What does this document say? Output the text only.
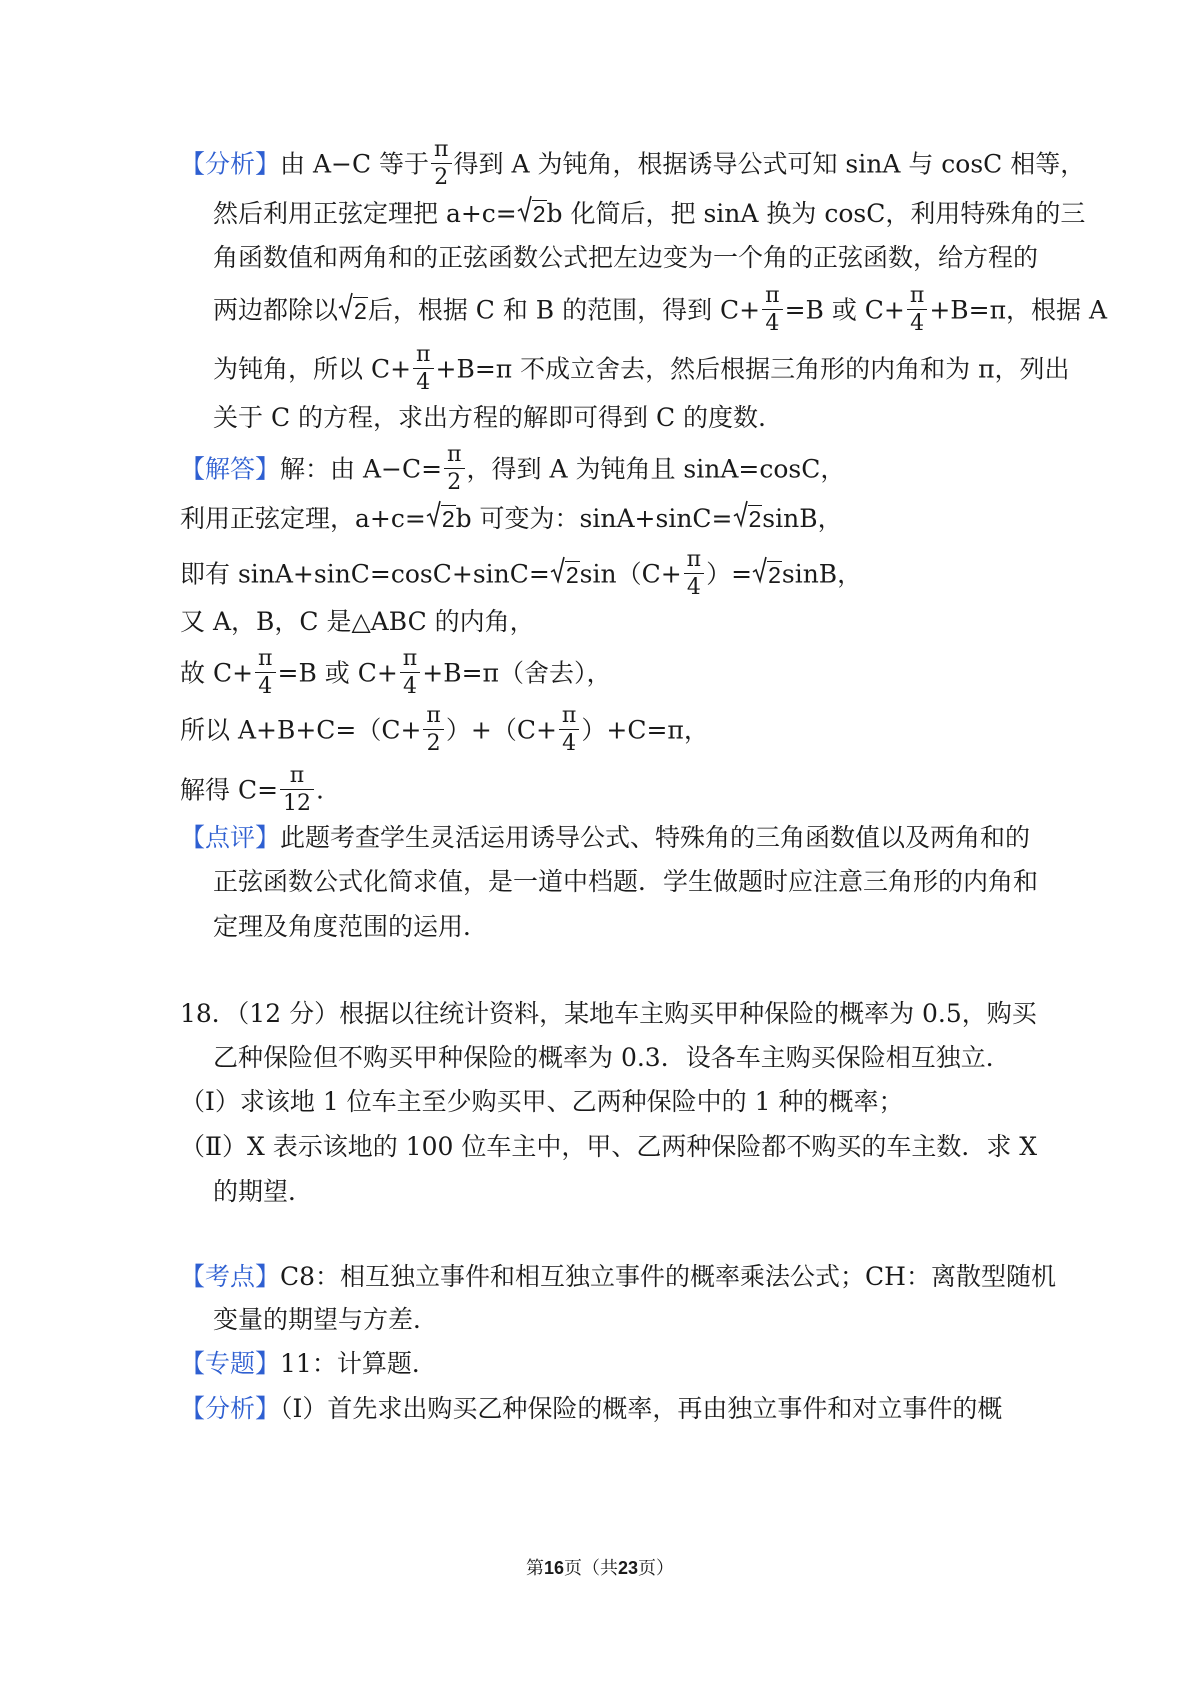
【分析】由 A−C 等于 $\frac{\pi}{2}$ 得到 A 为钝角，根据诱导公式可知 sinA 与 cosC 相等，
然后利用正弦定理把 a+c= 2b 化简后，把 sinA 换为 cosC，利用特殊角的三
角函数值和两角和的正弦函数公式把左边变为一个角的正弦函数，给方程的
两边都除以 2后，根据 C 和 B 的范围，得到 $C+ \frac{\pi}{4} =B$ 或 $C+ \frac{\pi}{4} +B=\pi$，根据 A
为钝角，所以 $C+ \frac{\pi}{4} +B=\pi$ 不成立舍去，然后根据三角形的内角和为 π，列出
关于 C 的方程，求出方程的解即可得到 C 的度数.
【解答】解：由 $A-C= \frac{\pi}{2}$ ，得到 A 为钝角且 sinA=cosC，
利用正弦定理，a+c= 2b 可变为：sinA+sinC= 2sinB，
即有 $\sin A+\sin C=\cos C+\sin C= 2\sin(C+ \frac{\pi}{4}$ ）= 2sinB，
又 A，B，C 是△ABC 的内角，
故 $C+ \frac{\pi}{4} =B$ 或 $C+ \frac{\pi}{4} +B=\pi$（舍去），
所以 $A+B+C=(C+ \frac{\pi}{2} )+(C+ \frac{\pi}{4} )+C=\pi$，
解得 $C= \frac{\pi}{12}$ .
【点评】此题考查学生灵活运用诱导公式、特殊角的三角函数值以及两角和的
正弦函数公式化简求值，是一道中档题．学生做题时应注意三角形的内角和
定理及角度范围的运用．
18．（12 分）根据以往统计资料，某地车主购买甲种保险的概率为 0.5，购买
乙种保险但不购买甲种保险的概率为 0.3．设各车主购买保险相互独立．
（Ⅰ）求该地 1 位车主至少购买甲、乙两种保险中的 1 种的概率；
（Ⅱ）X 表示该地的 100 位车主中，甲、乙两种保险都不购买的车主数．求 X
的期望．
【考点】C8：相互独立事件和相互独立事件的概率乘法公式；CH：离散型随机
变量的期望与方差．
【专题】11：计算题．
【分析】（Ⅰ）首先求出购买乙种保险的概率，再由独立事件和对立事件的概
第16页（共23页）
